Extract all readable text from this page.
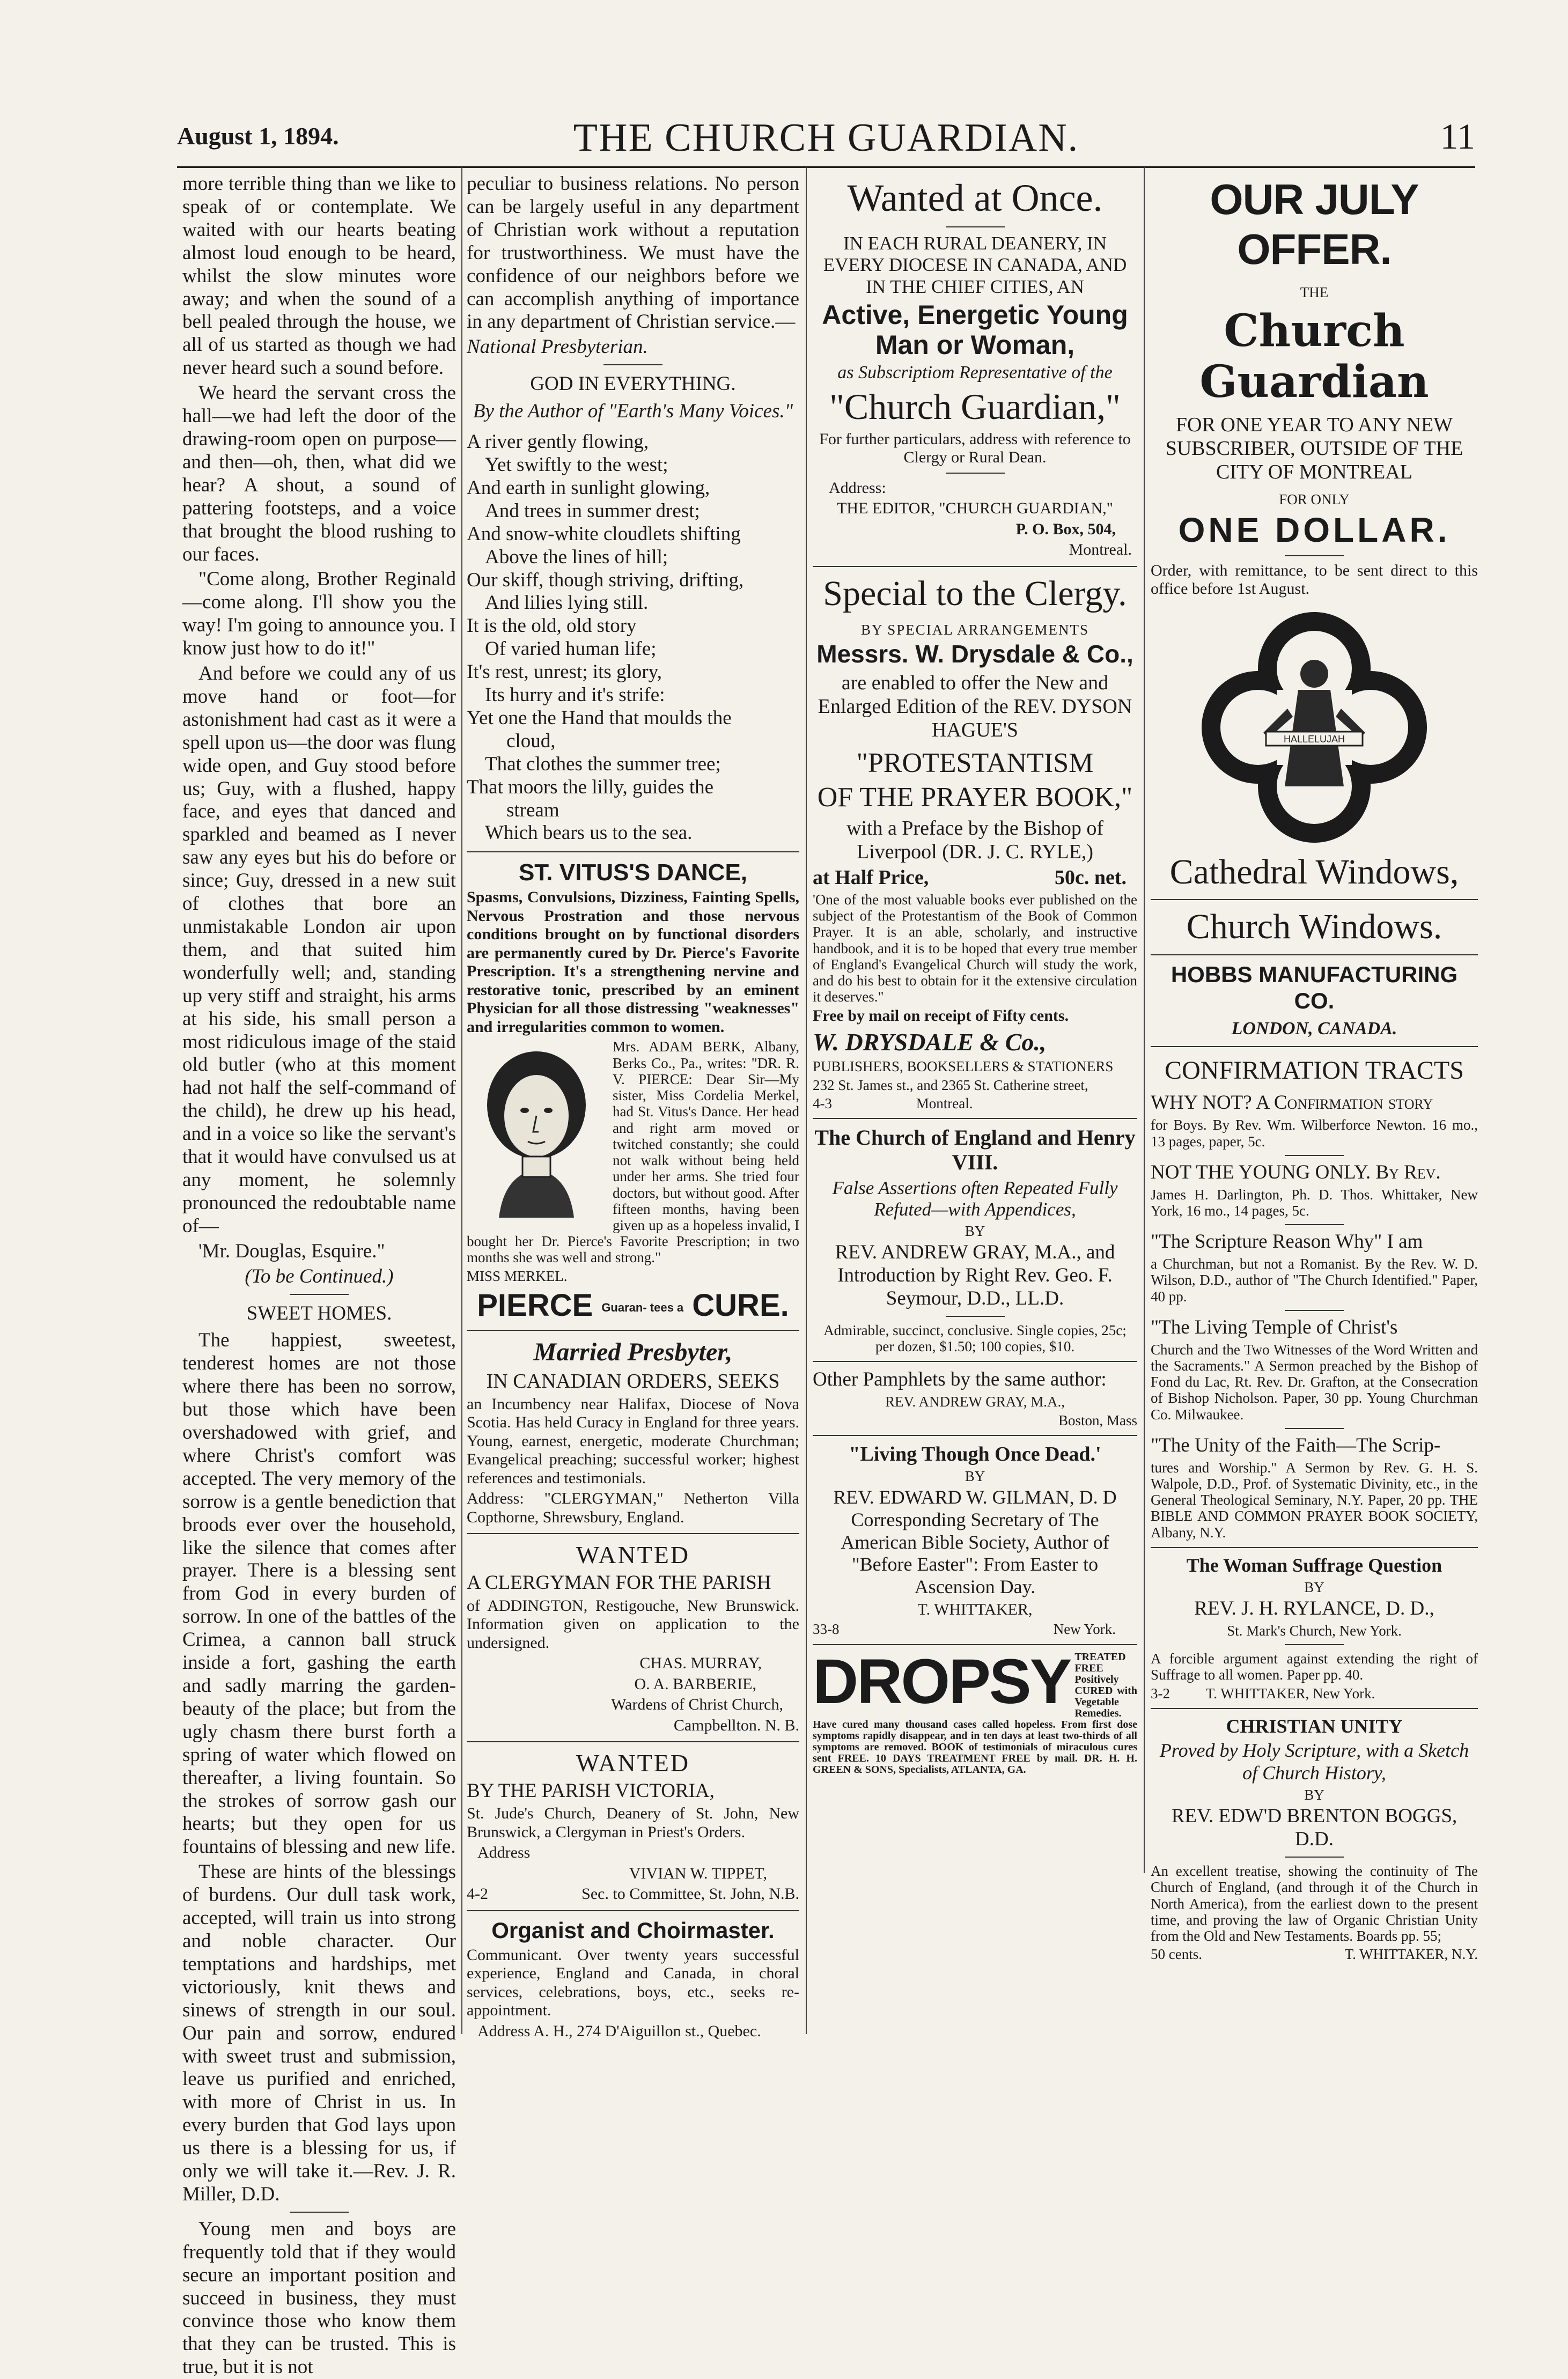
August 1, 1894.	THE CHURCH GUARDIAN.	11

more terrible thing than we like to speak of or contemplate. We waited with our hearts beating almost loud enough to be heard, whilst the slow minutes wore away; and when the sound of a bell pealed through the house, we all of us started as though we had never heard such a sound before.

We heard the servant cross the hall—we had left the door of the drawing-room open on purpose—and then—oh, then, what did we hear? A shout, a sound of pattering footsteps, and a voice that brought the blood rushing to our faces.

"Come along, Brother Reginald—come along. I'll show you the way! I'm going to announce you. I know just how to do it!"

And before we could any of us move hand or foot—for astonishment had cast as it were a spell upon us—the door was flung wide open, and Guy stood before us; Guy, with a flushed, happy face, and eyes that danced and sparkled and beamed as I never saw any eyes but his do before or since; Guy, dressed in a new suit of clothes that bore an unmistakable London air upon them, and that suited him wonderfully well; and, standing up very stiff and straight, his arms at his side, his small person a most ridiculous image of the staid old butler (who at this moment had not half the self-command of the child), he drew up his head, and in a voice so like the servant's that it would have convulsed us at any moment, he solemnly pronounced the redoubtable name of—

'Mr. Douglas, Esquire."

(To be Continued.)

SWEET HOMES.

The happiest, sweetest, tenderest homes are not those where there has been no sorrow, but those which have been overshadowed with grief, and where Christ's comfort was accepted. The very memory of the sorrow is a gentle benediction that broods ever over the household, like the silence that comes after prayer. There is a blessing sent from God in every burden of sorrow. In one of the battles of the Crimea, a cannon ball struck inside a fort, gashing the earth and sadly marring the garden-beauty of the place; but from the ugly chasm there burst forth a spring of water which flowed on thereafter, a living fountain. So the strokes of sorrow gash our hearts; but they open for us fountains of blessing and new life.

These are hints of the blessings of burdens. Our dull task work, accepted, will train us into strong and noble character. Our temptations and hardships, met victoriously, knit thews and sinews of strength in our soul. Our pain and sorrow, endured with sweet trust and submission, leave us purified and enriched, with more of Christ in us. In every burden that God lays upon us there is a blessing for us, if only we will take it.—Rev. J. R. Miller, D.D.

Young men and boys are frequently told that if they would secure an important position and succeed in business, they must convince those who know them that they can be trusted. This is true, but it is not

peculiar to business relations. No person can be largely useful in any department of Christian work without a reputation for trustworthiness. We must have the confidence of our neighbors before we can accomplish anything of importance in any department of Christian service.—

National Presbyterian.

GOD IN EVERYTHING.

By the Author of "Earth's Many Voices."

A river gently flowing,

Yet swiftly to the west;

And earth in sunlight glowing,

And trees in summer drest;

And snow-white cloudlets shifting

Above the lines of hill;

Our skiff, though striving, drifting,

And lilies lying still.

It is the old, old story

Of varied human life;

It's rest, unrest; its glory,

Its hurry and it's strife:

Yet one the Hand that moulds the

cloud,

That clothes the summer tree;

That moors the lilly, guides the

stream

Which bears us to the sea.

ST. VITUS'S DANCE,

Spasms, Convulsions, Dizziness, Fainting Spells, Nervous Prostration and those nervous conditions brought on by functional disorders are permanently cured by Dr. Pierce's Favorite Prescription. It's a strengthening nervine and restorative tonic, prescribed by an eminent Physician for all those distressing "weaknesses" and irregularities common to women.

Mrs. ADAM BERK, Albany, Berks Co., Pa., writes: "DR. R. V. PIERCE: Dear Sir—My sister, Miss Cordelia Merkel, had St. Vitus's Dance. Her head and right arm moved or twitched constantly; she could not walk without being held under her arms. She tried four doctors, but without good. After fifteen months, having been given up as a hopeless invalid, I bought her Dr. Pierce's Favorite Prescription; in two months she was well and strong."

MISS MERKEL.

PIERCE Guaran- tees a CURE.

Married Presbyter,

IN CANADIAN ORDERS, SEEKS

an Incumbency near Halifax, Diocese of Nova Scotia. Has held Curacy in England for three years. Young, earnest, energetic, moderate Churchman; Evangelical preaching; successful worker; highest references and testimonials.

Address: "CLERGYMAN," Netherton Villa Copthorne, Shrewsbury, England.

WANTED

A CLERGYMAN FOR THE PARISH

of ADDINGTON, Restigouche, New Brunswick. Information given on application to the undersigned.

CHAS. MURRAY,

O. A. BARBERIE,

Wardens of Christ Church,

Campbellton. N. B.

WANTED

BY THE PARISH VICTORIA,

St. Jude's Church, Deanery of St. John, New Brunswick, a Clergyman in Priest's Orders.

Address

VIVIAN W. TIPPET,

4-2	Sec. to Committee, St. John, N.B.

Organist and Choirmaster.

Communicant. Over twenty years successful experience, England and Canada, in choral services, celebrations, boys, etc., seeks re-appointment.

Address A. H., 274 D'Aiguillon st., Quebec.

Wanted at Once.

IN EACH RURAL DEANERY, IN EVERY DIOCESE IN CANADA, AND IN THE CHIEF CITIES, AN

Active, Energetic Young Man or Woman,

as Subscriptiom Representative of the

"Church Guardian,"

For further particulars, address with reference to Clergy or Rural Dean.

Address:

THE EDITOR, "CHURCH GUARDIAN,"

P. O. Box, 504,

Montreal.

Special to the Clergy.

BY SPECIAL ARRANGEMENTS

Messrs. W. Drysdale & Co.,

are enabled to offer the New and Enlarged Edition of the REV. DYSON HAGUE'S

"PROTESTANTISM

OF THE PRAYER BOOK,"

with a Preface by the Bishop of Liverpool (DR. J. C. RYLE,)

at Half Price,	50c. net.

'One of the most valuable books ever published on the subject of the Protestantism of the Book of Common Prayer. It is an able, scholarly, and instructive handbook, and it is to be hoped that every true member of England's Evangelical Church will study the work, and do his best to obtain for it the extensive circulation it deserves."

Free by mail on receipt of Fifty cents.

W. DRYSDALE & Co.,

PUBLISHERS, BOOKSELLERS & STATIONERS

232 St. James st., and 2365 St. Catherine street,

4-3	Montreal.

The Church of England and Henry VIII.

False Assertions often Repeated Fully Refuted—with Appendices,

BY

REV. ANDREW GRAY, M.A., and Introduction by Right Rev. Geo. F. Seymour, D.D., LL.D.

Admirable, succinct, conclusive. Single copies, 25c; per dozen, $1.50; 100 copies, $10.

Other Pamphlets by the same author:

REV. ANDREW GRAY, M.A.,

Boston, Mass

"Living Though Once Dead.'

BY

REV. EDWARD W. GILMAN, D. D Corresponding Secretary of The American Bible Society, Author of "Before Easter": From Easter to Ascension Day.

T. WHITTAKER,

33-8	New York.

DROPSY TREATED FREE Positively CURED with Vegetable Remedies. Have cured many thousand cases called hopeless. From first dose symptoms rapidly disappear, and in ten days at least two-thirds of all symptoms are removed. BOOK of testimonials of miraculous cures sent FREE. 10 DAYS TREATMENT FREE by mail. DR. H. H. GREEN & SONS, Specialists, ATLANTA, GA.

OUR JULY OFFER.

THE

Church Guardian

FOR ONE YEAR TO ANY NEW SUBSCRIBER, OUTSIDE OF THE CITY OF MONTREAL

FOR ONLY

ONE DOLLAR.

Order, with remittance, to be sent direct to this office before 1st August.

HALLELUJAH

Cathedral Windows,

Church Windows.

HOBBS MANUFACTURING CO.

LONDON, CANADA.

CONFIRMATION TRACTS

WHY NOT? A Confirmation story

for Boys. By Rev. Wm. Wilberforce Newton. 16 mo., 13 pages, paper, 5c.

NOT THE YOUNG ONLY. By Rev.

James H. Darlington, Ph. D. Thos. Whittaker, New York, 16 mo., 14 pages, 5c.

"The Scripture Reason Why" I am

a Churchman, but not a Romanist. By the Rev. W. D. Wilson, D.D., author of "The Church Identified." Paper, 40 pp.

"The Living Temple of Christ's

Church and the Two Witnesses of the Word Written and the Sacraments." A Sermon preached by the Bishop of Fond du Lac, Rt. Rev. Dr. Grafton, at the Consecration of Bishop Nicholson. Paper, 30 pp. Young Churchman Co. Milwaukee.

"The Unity of the Faith—The Scrip-

tures and Worship." A Sermon by Rev. G. H. S. Walpole, D.D., Prof. of Systematic Divinity, etc., in the General Theological Seminary, N.Y. Paper, 20 pp. THE BIBLE AND COMMON PRAYER BOOK SOCIETY, Albany, N.Y.

The Woman Suffrage Question

BY

REV. J. H. RYLANCE, D. D.,

St. Mark's Church, New York.

A forcible argument against extending the right of Suffrage to all women. Paper pp. 40.

3-2 T. WHITTAKER, New York.

CHRISTIAN UNITY

Proved by Holy Scripture, with a Sketch of Church History,

BY

REV. EDW'D BRENTON BOGGS, D.D.

An excellent treatise, showing the continuity of The Church of England, (and through it of the Church in North America), from the earliest down to the present time, and proving the law of Organic Christian Unity from the Old and New Testaments. Boards pp. 55;

50 cents.	T. WHITTAKER, N.Y.
